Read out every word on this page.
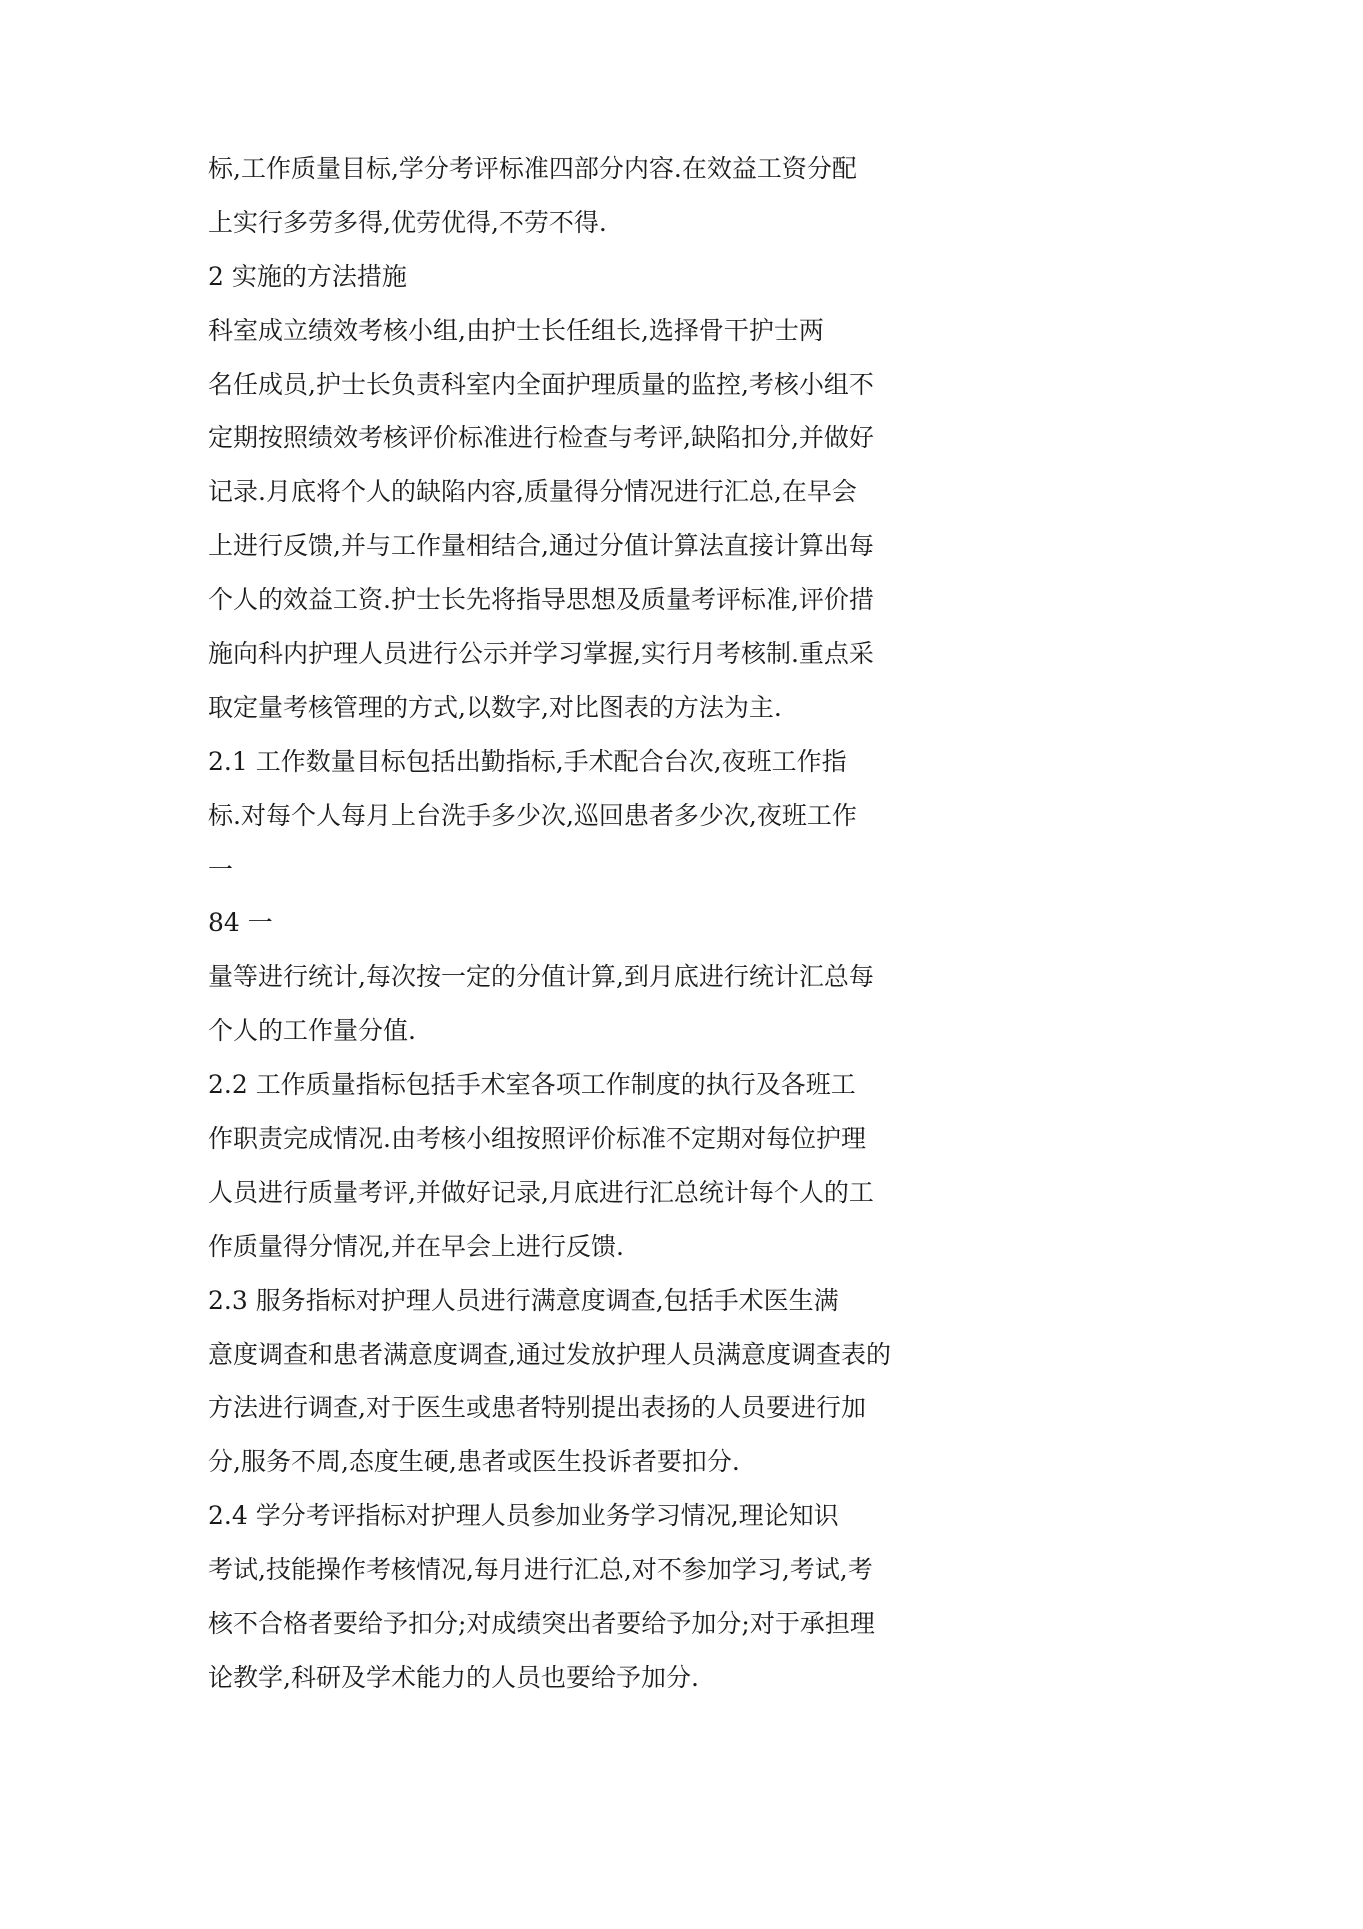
标,工作质量目标,学分考评标准四部分内容.在效益工资分配
上实行多劳多得,优劳优得,不劳不得.
2 实施的方法措施
科室成立绩效考核小组,由护士长任组长,选择骨干护士两
名任成员,护士长负责科室内全面护理质量的监控,考核小组不
定期按照绩效考核评价标准进行检查与考评,缺陷扣分,并做好
记录.月底将个人的缺陷内容,质量得分情况进行汇总,在早会
上进行反馈,并与工作量相结合,通过分值计算法直接计算出每
个人的效益工资.护士长先将指导思想及质量考评标准,评价措
施向科内护理人员进行公示并学习掌握,实行月考核制.重点采
取定量考核管理的方式,以数字,对比图表的方法为主.
2.1 工作数量目标包括出勤指标,手术配合台次,夜班工作指
标.对每个人每月上台洗手多少次,巡回患者多少次,夜班工作
一
84 一
量等进行统计,每次按一定的分值计算,到月底进行统计汇总每
个人的工作量分值.
2.2 工作质量指标包括手术室各项工作制度的执行及各班工
作职责完成情况.由考核小组按照评价标准不定期对每位护理
人员进行质量考评,并做好记录,月底进行汇总统计每个人的工
作质量得分情况,并在早会上进行反馈.
2.3 服务指标对护理人员进行满意度调查,包括手术医生满
意度调查和患者满意度调查,通过发放护理人员满意度调查表的
方法进行调查,对于医生或患者特别提出表扬的人员要进行加
分,服务不周,态度生硬,患者或医生投诉者要扣分.
2.4 学分考评指标对护理人员参加业务学习情况,理论知识
考试,技能操作考核情况,每月进行汇总,对不参加学习,考试,考
核不合格者要给予扣分;对成绩突出者要给予加分;对于承担理
论教学,科研及学术能力的人员也要给予加分.
